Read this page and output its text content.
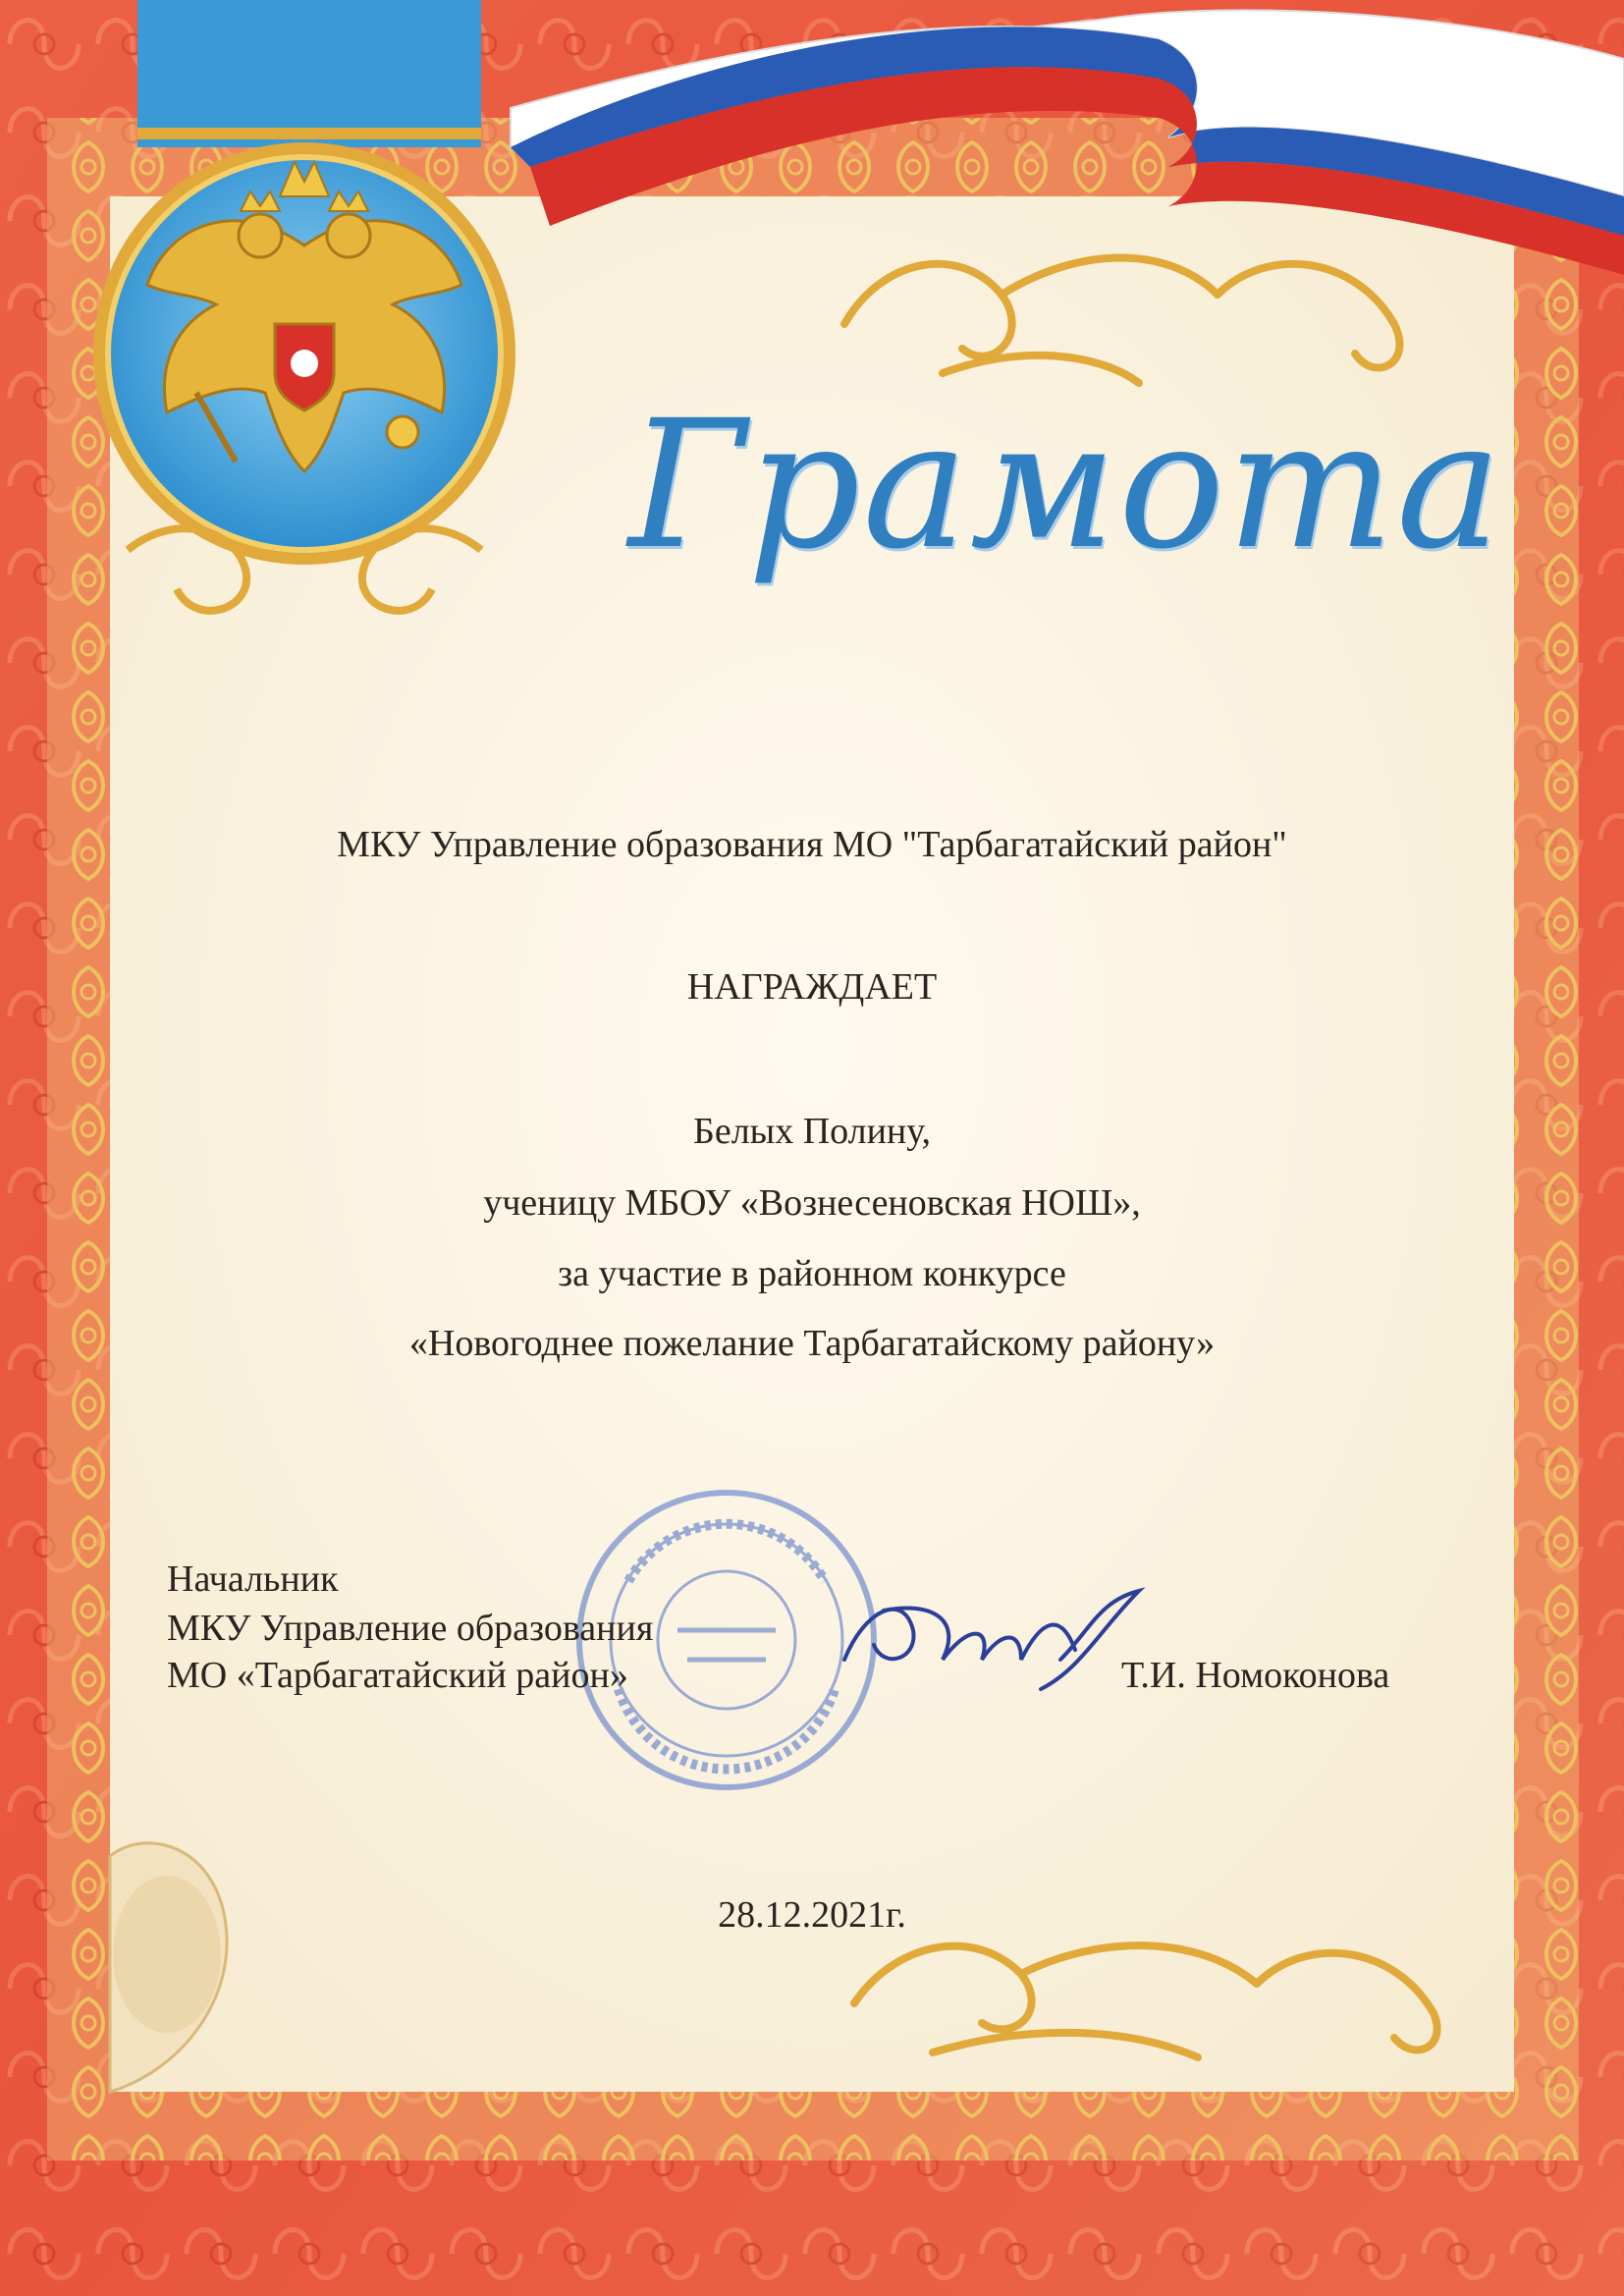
Грамота
МКУ Управление образования МО "Тарбагатайский район"
НАГРАЖДАЕТ
Белых Полину,
ученицу МБОУ «Вознесеновская НОШ»,
за участие в районном конкурсе
«Новогоднее пожелание Тарбагатайскому району»
Начальник
МКУ Управление образования
МО «Тарбагатайский район»	Т.И. Номоконова
28.12.2021г.
